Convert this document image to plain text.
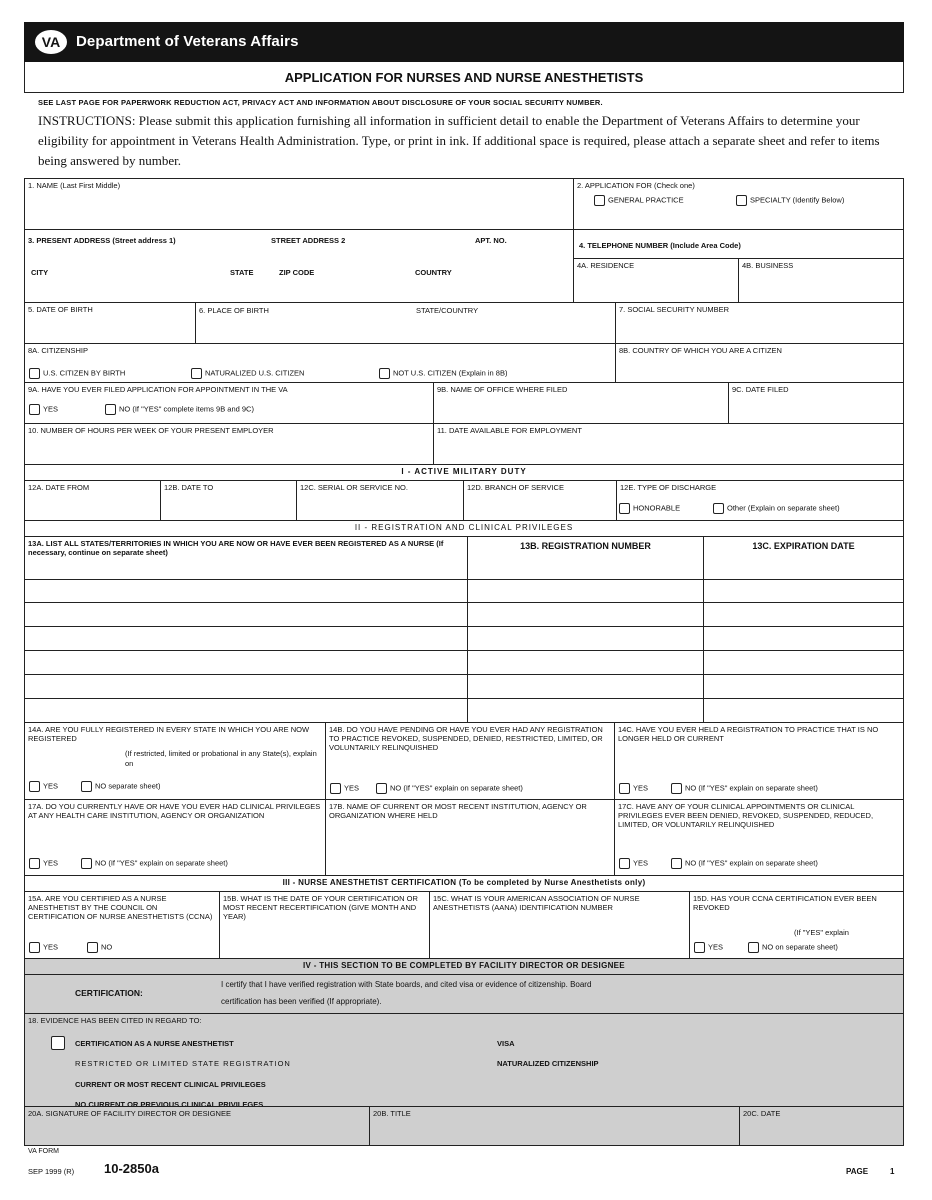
VA Department of Veterans Affairs
APPLICATION FOR NURSES AND NURSE ANESTHETISTS
SEE LAST PAGE FOR PAPERWORK REDUCTION ACT, PRIVACY ACT AND INFORMATION ABOUT DISCLOSURE OF YOUR SOCIAL SECURITY NUMBER.
INSTRUCTIONS: Please submit this application furnishing all information in sufficient detail to enable the Department of Veterans Affairs to determine your eligibility for appointment in Veterans Health Administration. Type, or print in ink. If additional space is required, please attach a separate sheet and refer to items being answered by number.
1. NAME (Last First Middle)	2. APPLICATION FOR (Check one)
GENERAL PRACTICE	SPECIALTY (Identify Below)
3. PRESENT ADDRESS (Street address 1)	STREET ADDRESS 2	APT. NO.
CITY	STATE	ZIP CODE	COUNTRY
4. TELEPHONE NUMBER (Include Area Code)
4A. RESIDENCE	4B. BUSINESS
5. DATE OF BIRTH	6. PLACE OF BIRTH	STATE/COUNTRY	7. SOCIAL SECURITY NUMBER
8A. CITIZENSHIP
U.S. CITIZEN BY BIRTH	NATURALIZED U.S. CITIZEN	NOT U.S. CITIZEN (Explain in 8B)
8B. COUNTRY OF WHICH YOU ARE A CITIZEN
9A. HAVE YOU EVER FILED APPLICATION FOR APPOINTMENT IN THE VA
YES	NO (If "YES" complete items 9B and 9C)
9B. NAME OF OFFICE WHERE FILED	9C. DATE FILED
10. NUMBER OF HOURS PER WEEK OF YOUR PRESENT EMPLOYER	11. DATE AVAILABLE FOR EMPLOYMENT
I - ACTIVE MILITARY DUTY
12A. DATE FROM	12B. DATE TO	12C. SERIAL OR SERVICE NO.	12D. BRANCH OF SERVICE	12E. TYPE OF DISCHARGE
HONORABLE	Other (Explain on separate sheet)
II - REGISTRATION AND CLINICAL PRIVILEGES
13A. LIST ALL STATES/TERRITORIES IN WHICH YOU ARE NOW OR HAVE EVER BEEN REGISTERED AS A NURSE (If necessary, continue on separate sheet)
13B. REGISTRATION NUMBER	13C. EXPIRATION DATE
14A. ARE YOU FULLY REGISTERED IN EVERY STATE IN WHICH YOU ARE NOW REGISTERED
(If restricted, limited or probational in any State(s), explain on
YES	NO separate sheet)
14B. DO YOU HAVE PENDING OR HAVE YOU EVER HAD ANY REGISTRATION TO PRACTICE REVOKED, SUSPENDED, DENIED, RESTRICTED, LIMITED, OR VOLUNTARILY RELINQUISHED
YES	NO (If "YES" explain on separate sheet)
14C. HAVE YOU EVER HELD A REGISTRATION TO PRACTICE THAT IS NO LONGER HELD OR CURRENT
YES	NO (If "YES" explain on separate sheet)
17A. DO YOU CURRENTLY HAVE OR HAVE YOU EVER HAD CLINICAL PRIVILEGES AT ANY HEALTH CARE INSTITUTION, AGENCY OR ORGANIZATION
YES	NO (If "YES" explain on separate sheet)
17B. NAME OF CURRENT OR MOST RECENT INSTITUTION, AGENCY OR ORGANIZATION WHERE HELD
17C. HAVE ANY OF YOUR CLINICAL APPOINTMENTS OR CLINICAL PRIVILEGES EVER BEEN DENIED, REVOKED, SUSPENDED, REDUCED, LIMITED, OR VOLUNTARILY RELINQUISHED
YES	NO (If "YES" explain on separate sheet)
III - NURSE ANESTHETIST CERTIFICATION (To be completed by Nurse Anesthetists only)
15A. ARE YOU CERTIFIED AS A NURSE ANESTHETIST BY THE COUNCIL ON CERTIFICATION OF NURSE ANESTHETISTS (CCNA)
YES	NO
15B. WHAT IS THE DATE OF YOUR CERTIFICATION OR MOST RECENT RECERTIFICATION (GIVE MONTH AND YEAR)
15C. WHAT IS YOUR AMERICAN ASSOCIATION OF NURSE ANESTHETISTS (AANA) IDENTIFICATION NUMBER
15D. HAS YOUR CCNA CERTIFICATION EVER BEEN REVOKED
(If "YES" explain
YES	NO on separate sheet)
IV - THIS SECTION TO BE COMPLETED BY FACILITY DIRECTOR OR DESIGNEE
CERTIFICATION:
I certify that I have verified registration with State boards, and cited visa or evidence of citizenship. Board
certification has been verified (If appropriate).
18. EVIDENCE HAS BEEN CITED IN REGARD TO:
CERTIFICATION AS A NURSE ANESTHETIST
RESTRICTED OR LIMITED STATE REGISTRATION
CURRENT OR MOST RECENT CLINICAL PRIVILEGES
NO CURRENT OR PREVIOUS CLINICAL PRIVILEGES
VISA
NATURALIZED CITIZENSHIP
20A. SIGNATURE OF FACILITY DIRECTOR OR DESIGNEE	20B. TITLE	20C. DATE
VA FORM
SEP 1999 (R) 10-2850a	PAGE	1
